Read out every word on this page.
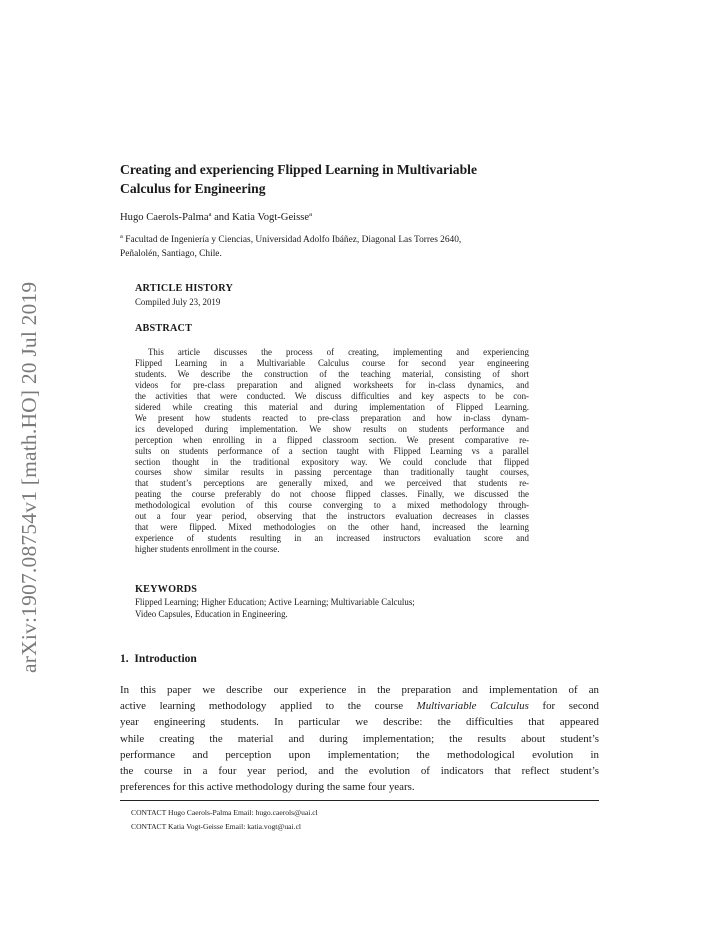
arXiv:1907.08754v1 [math.HO] 20 Jul 2019
Creating and experiencing Flipped Learning in Multivariable
Calculus for Engineering
Hugo Caerols-Palma$^a$ and Katia Vogt-Geisse$^a$
$^a$ Facultad de Ingeniería y Ciencias, Universidad Adolfo Ibáñez, Diagonal Las Torres 2640,
Peñalolén, Santiago, Chile.
ARTICLE HISTORY
Compiled July 23, 2019
ABSTRACT
This article discusses the process of creating, implementing and experiencing
Flipped Learning in a Multivariable Calculus course for second year engineering
students. We describe the construction of the teaching material, consisting of short
videos for pre-class preparation and aligned worksheets for in-class dynamics, and
the activities that were conducted. We discuss difficulties and key aspects to be con-
sidered while creating this material and during implementation of Flipped Learning.
We present how students reacted to pre-class preparation and how in-class dynam-
ics developed during implementation. We show results on students performance and
perception when enrolling in a flipped classroom section. We present comparative re-
sults on students performance of a section taught with Flipped Learning vs a parallel
section thought in the traditional expository way. We could conclude that flipped
courses show similar results in passing percentage than traditionally taught courses,
that student’s perceptions are generally mixed, and we perceived that students re-
peating the course preferably do not choose flipped classes. Finally, we discussed the
methodological evolution of this course converging to a mixed methodology through-
out a four year period, observing that the instructors evaluation decreases in classes
that were flipped. Mixed methodologies on the other hand, increased the learning
experience of students resulting in an increased instructors evaluation score and
higher students enrollment in the course.
KEYWORDS
Flipped Learning; Higher Education; Active Learning; Multivariable Calculus;
Video Capsules, Education in Engineering.
1. Introduction
In this paper we describe our experience in the preparation and implementation of an
active learning methodology applied to the course Multivariable Calculus for second
year engineering students. In particular we describe: the difficulties that appeared
while creating the material and during implementation; the results about student’s
performance and perception upon implementation; the methodological evolution in
the course in a four year period, and the evolution of indicators that reflect student’s
preferences for this active methodology during the same four years.
CONTACT Hugo Caerols-Palma Email: hugo.caerols@uai.cl
CONTACT Katia Vogt-Geisse Email: katia.vogt@uai.cl
